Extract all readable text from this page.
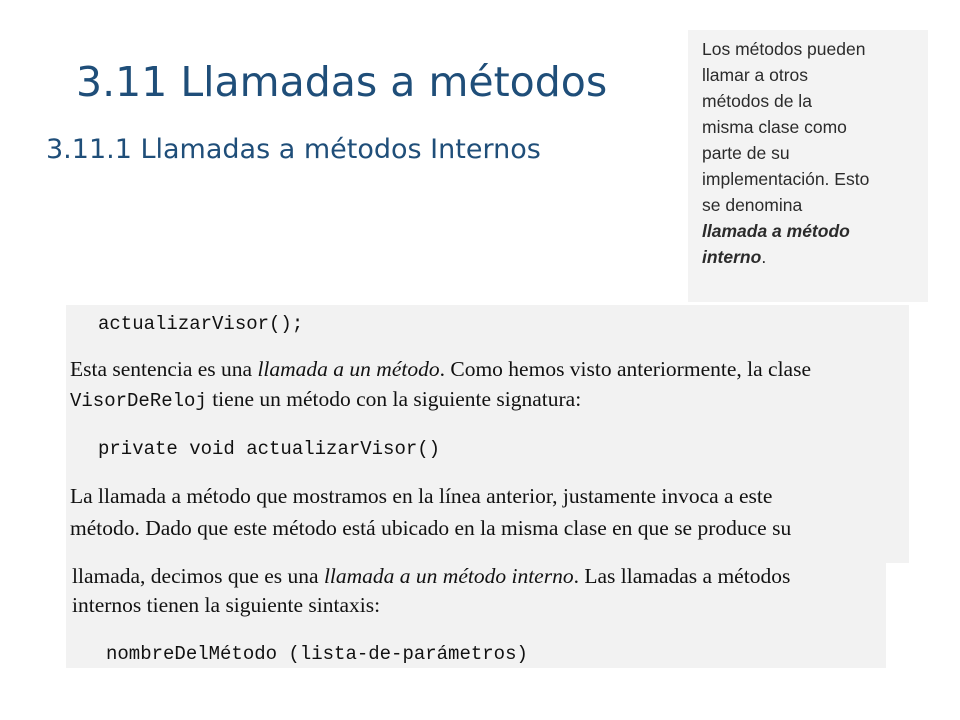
3.11 Llamadas a métodos
3.11.1 Llamadas a métodos Internos
Los métodos pueden
llamar a otros
métodos de la
misma clase como
parte de su
implementación. Esto
se denomina
llamada a método
interno.
actualizarVisor();
Esta sentencia es una llamada a un método. Como hemos visto anteriormente, la clase
VisorDeReloj tiene un método con la siguiente signatura:
private void actualizarVisor()
La llamada a método que mostramos en la línea anterior, justamente invoca a este
método. Dado que este método está ubicado en la misma clase en que se produce su
llamada, decimos que es una llamada a un método interno. Las llamadas a métodos
internos tienen la siguiente sintaxis:
nombreDelMétodo (lista-de-parámetros)
